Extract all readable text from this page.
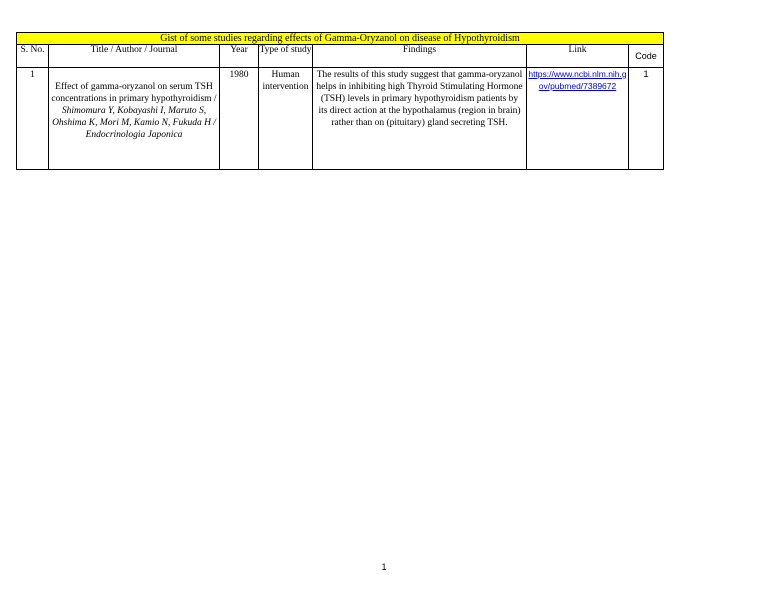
Gist of some studies regarding effects of Gamma-Oryzanol on disease of Hypothyroidism						
S. No.	Title / Author / Journal	Year	Type of study	Findings	Link	Code
1	Effect of gamma-oryzanol on serum TSH concentrations in primary hypothyroidism /
Shimomura Y, Kobayashi I, Maruto S, Ohshima K, Mori M, Kamio N, Fukuda H / Endocrinologia Japonica	1980	Human intervention	The results of this study suggest that gamma-oryzanol helps in inhibiting high Thyroid Stimulating Hormone (TSH) levels in primary hypothyroidism patients by its direct action at the hypothalamus (region in brain) rather than on (pituitary) gland secreting TSH.	https://www.ncbi.nlm.nih.gov/pubmed/7389672	1
1
